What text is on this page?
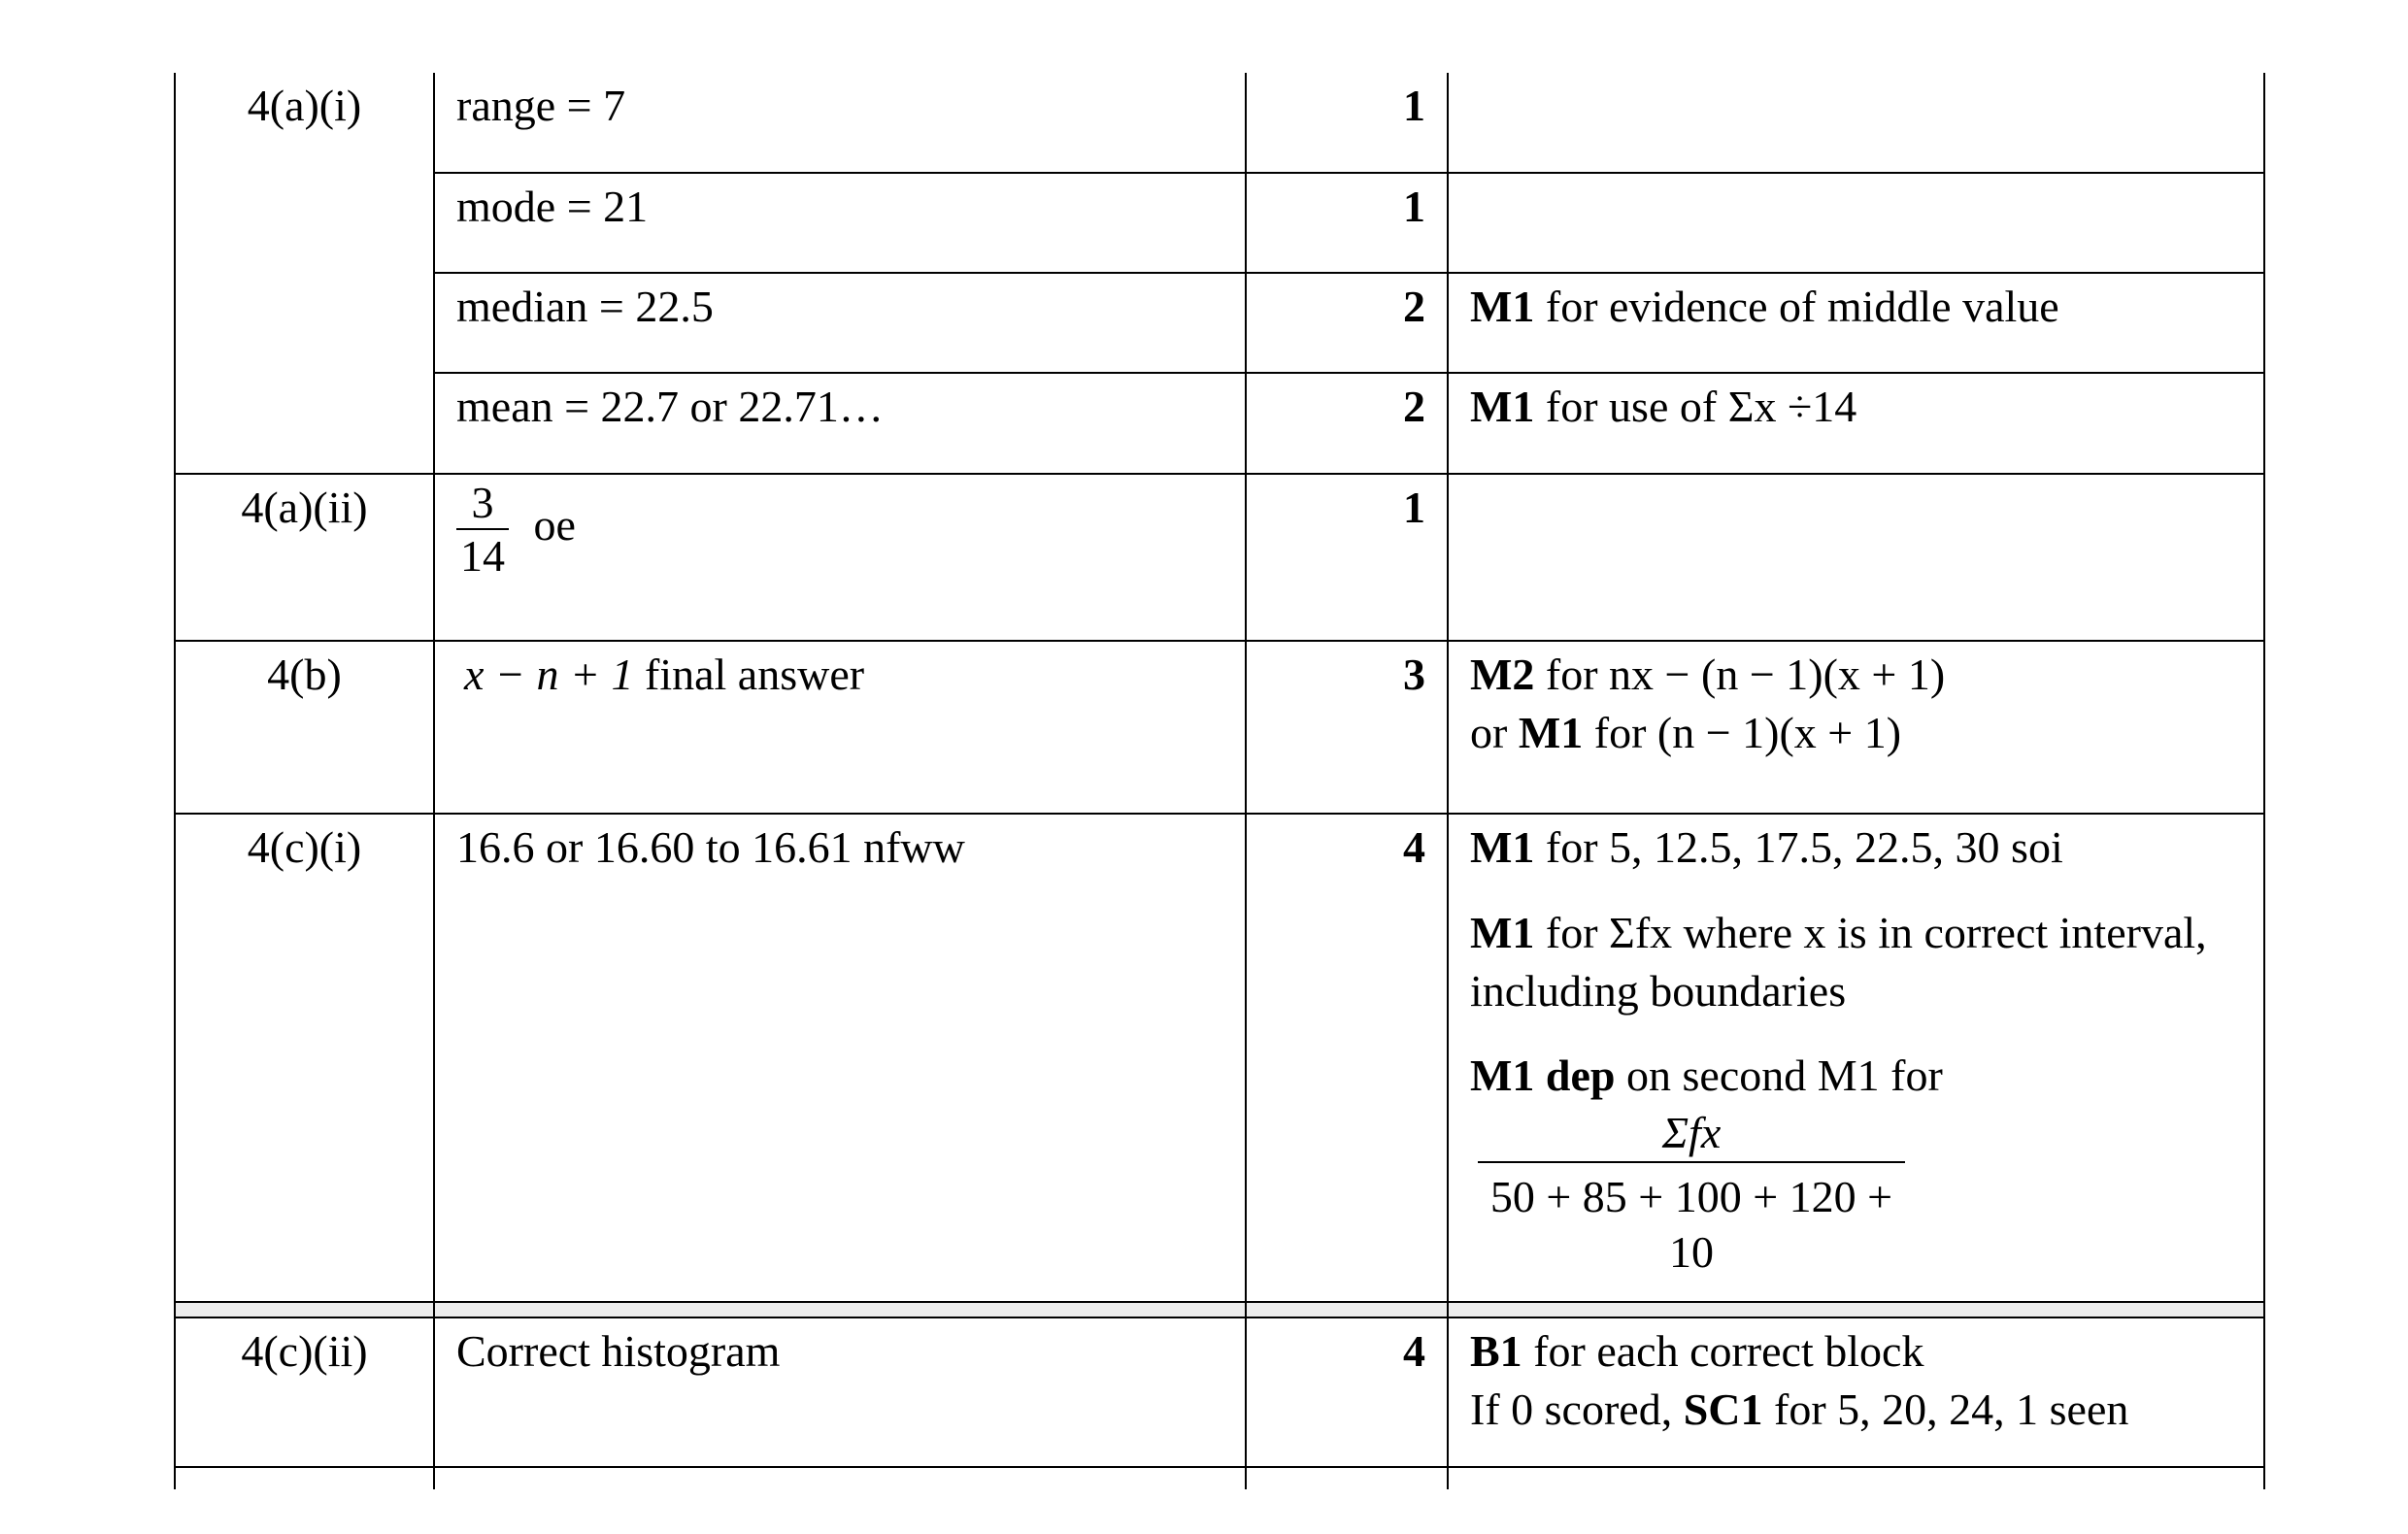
4(a)(i)	range = 7	1	
	mode = 21	1	
	median = 22.5	2	M1 for evidence of middle value
	mean = 22.7 or 22.71…	2	M1 for use of Σx ÷14
4(a)(ii)	$\frac{3}{14}$ oe	1	
4(b)	x − n + 1 final answer	3	M2 for nx − (n − 1)(x + 1)
or M1 for (n − 1)(x + 1)

4(c)(i)	16.6 or 16.60 to 16.61 nfww	4	M1 for 5, 12.5, 17.5, 22.5, 30 soi
M1 for Σfx where x is in correct interval, including boundaries
M1 dep on second M1 for
Σfx
50 + 85 + 100 + 120 + 10

4(c)(ii)	Correct histogram	4	B1 for each correct block
If 0 scored, SC1 for 5, 20, 24, 1 seen
